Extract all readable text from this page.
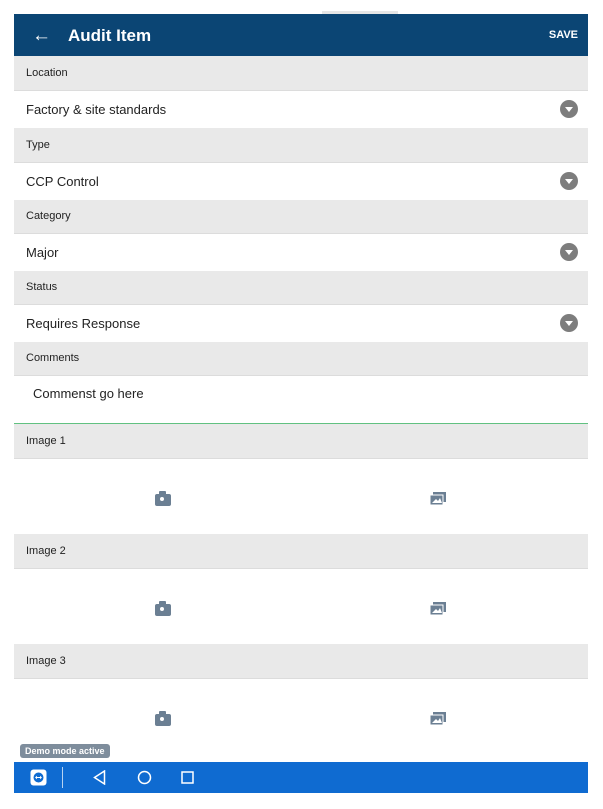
← Audit Item	SAVE
Location
Factory & site standards
Type
CCP Control
Category
Major
Status
Requires Response
Comments
Commenst go here
Image 1
Image 2
Image 3
Demo mode active
